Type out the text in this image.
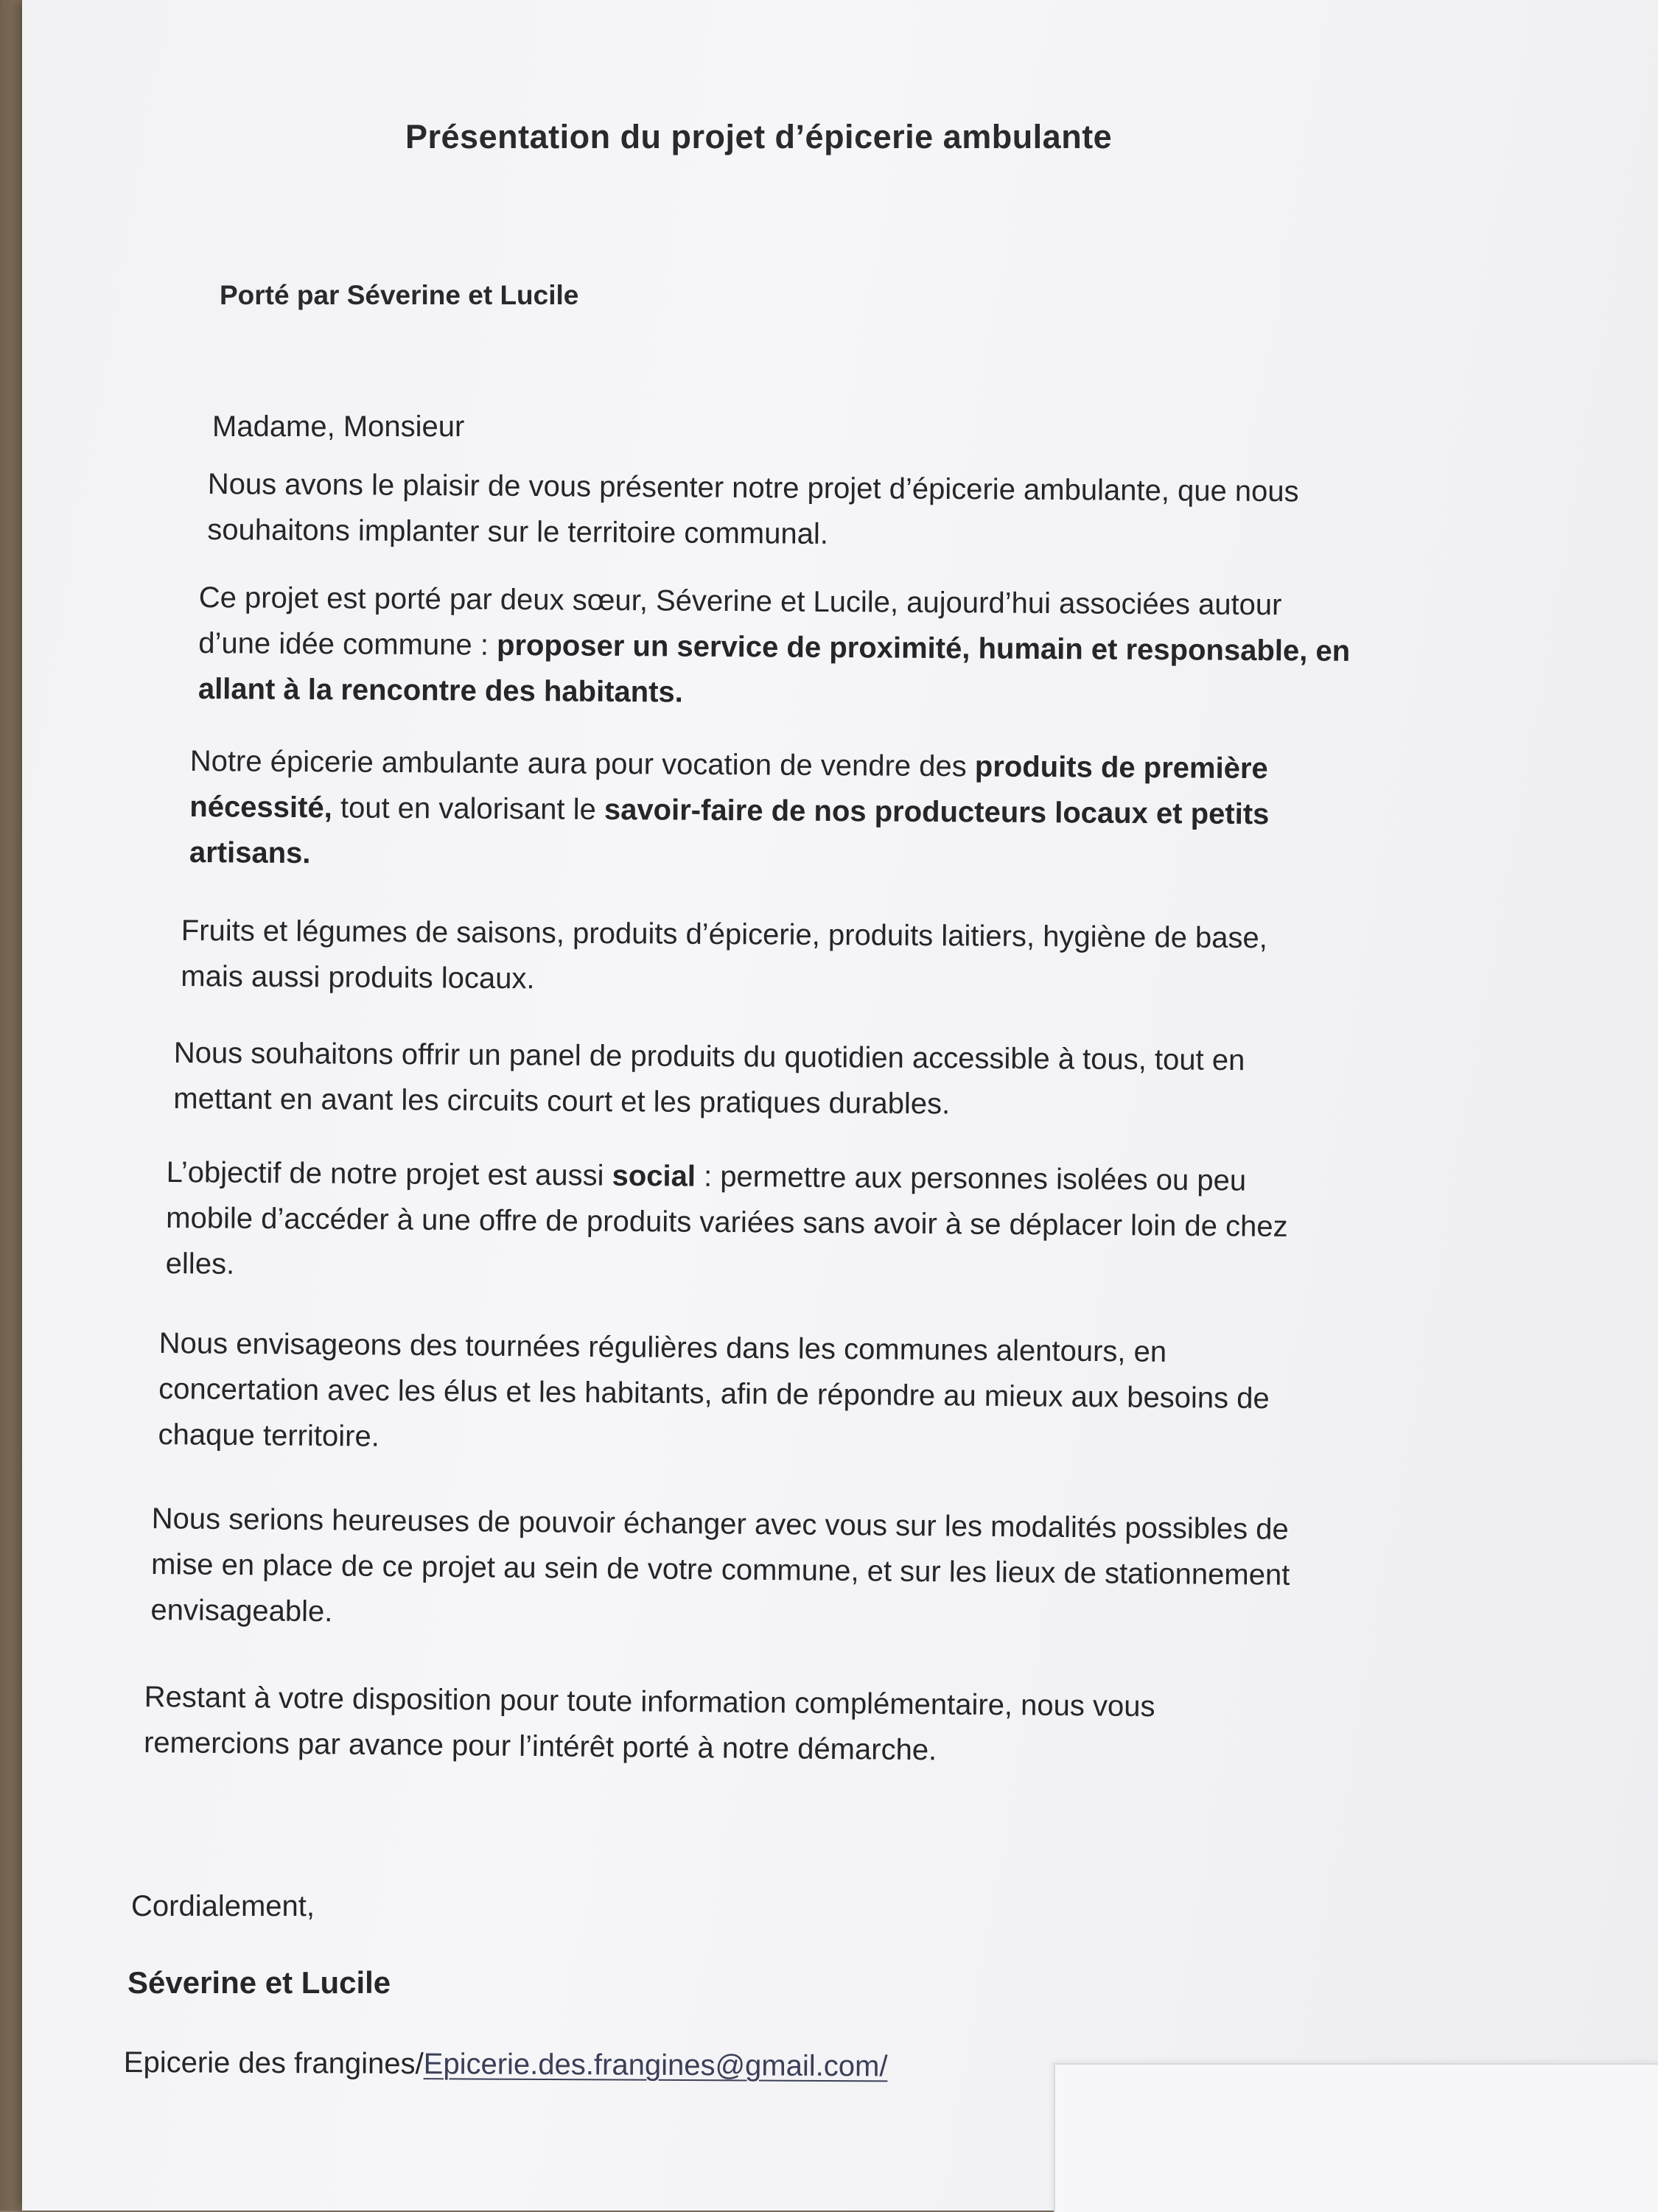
Présentation du projet d’épicerie ambulante
Porté par Séverine et Lucile
Madame, Monsieur
Nous avons le plaisir de vous présenter notre projet d’épicerie ambulante, que nous
souhaitons implanter sur le territoire communal.
Ce projet est porté par deux sœur, Séverine et Lucile, aujourd’hui associées autour
d’une idée commune : proposer un service de proximité, humain et responsable, en
allant à la rencontre des habitants.
Notre épicerie ambulante aura pour vocation de vendre des produits de première
nécessité, tout en valorisant le savoir-faire de nos producteurs locaux et petits
artisans.
Fruits et légumes de saisons, produits d’épicerie, produits laitiers, hygiène de base,
mais aussi produits locaux.
Nous souhaitons offrir un panel de produits du quotidien accessible à tous, tout en
mettant en avant les circuits court et les pratiques durables.
L’objectif de notre projet est aussi social : permettre aux personnes isolées ou peu
mobile d’accéder à une offre de produits variées sans avoir à se déplacer loin de chez
elles.
Nous envisageons des tournées régulières dans les communes alentours, en
concertation avec les élus et les habitants, afin de répondre au mieux aux besoins de
chaque territoire.
Nous serions heureuses de pouvoir échanger avec vous sur les modalités possibles de
mise en place de ce projet au sein de votre commune, et sur les lieux de stationnement
envisageable.
Restant à votre disposition pour toute information complémentaire, nous vous
remercions par avance pour l’intérêt porté à notre démarche.
Cordialement,
Séverine et Lucile
Epicerie des frangines/Epicerie.des.frangines@gmail.com/
